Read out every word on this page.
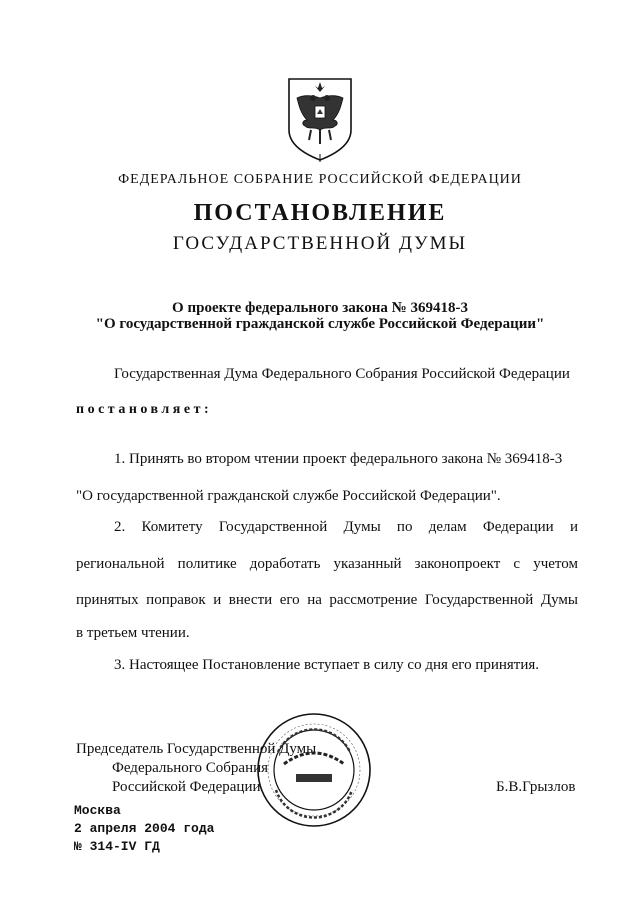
ФЕДЕРАЛЬНОЕ СОБРАНИЕ РОССИЙСКОЙ ФЕДЕРАЦИИ
ПОСТАНОВЛЕНИЕ
ГОСУДАРСТВЕННОЙ ДУМЫ
О проекте федерального закона № 369418-3
"О государственной гражданской службе Российской Федерации"
Государственная Дума Федерального Собрания Российской Федерации
постановляет:
1. Принять во втором чтении проект федерального закона № 369418-3
"О государственной гражданской службе Российской Федерации".
2. Комитету Государственной Думы по делам Федерации и
региональной политике доработать указанный законопроект с учетом
принятых поправок и внести его на рассмотрение Государственной Думы
в третьем чтении.
3. Настоящее Постановление вступает в силу со дня его принятия.
Председатель Государственной Думы
Федерального Собрания
Российской Федерации	Б.В.Грызлов
Москва
2 апреля 2004 года
№ 314-IV ГД
